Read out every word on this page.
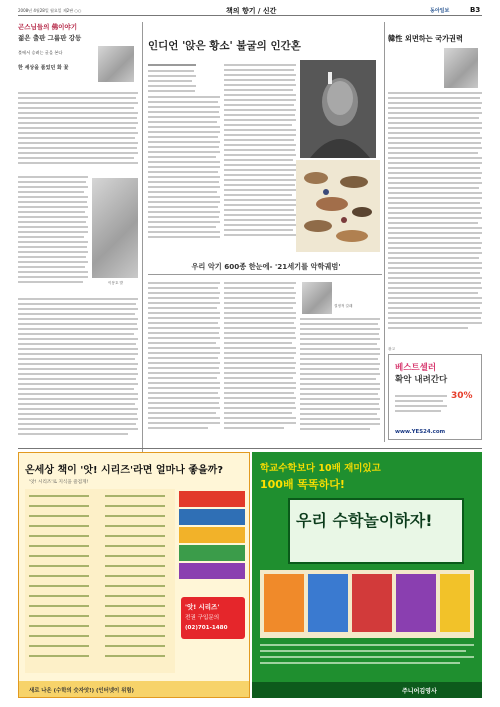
2008년 4월28일 월요일 제2판 ○○	책의 향기 / 신간	동아일보	B3
곤스님들의 佛이야기
젊은 출판 그룹판 강등
불에서 승려는 굴을 본다
한 세상을 품었던 화 꽃
이봉호 발
인디언 '앉은 황소' 불굴의 인간혼
우리 악기 600종 한눈에- '21세기를 악학궤범'
결정적 갈래
韓性 외면하는 국가권력
광고
베스트셀러
확악 내려간다
30%
www.YES24.com
온세상 책이 '앗! 시리즈'라면 얼마나 좋을까?
'앗! 시리즈'로 지식을 즐겁게!
'앗! 시리즈'
전권 구입문의
(02)701-1480
새로 나온 (수학의 숫자앗!) (인터넷이 위험)
학교수학보다 10배 재미있고
100배 똑똑하다!
우리 수학놀이하자!
주니어김영사
